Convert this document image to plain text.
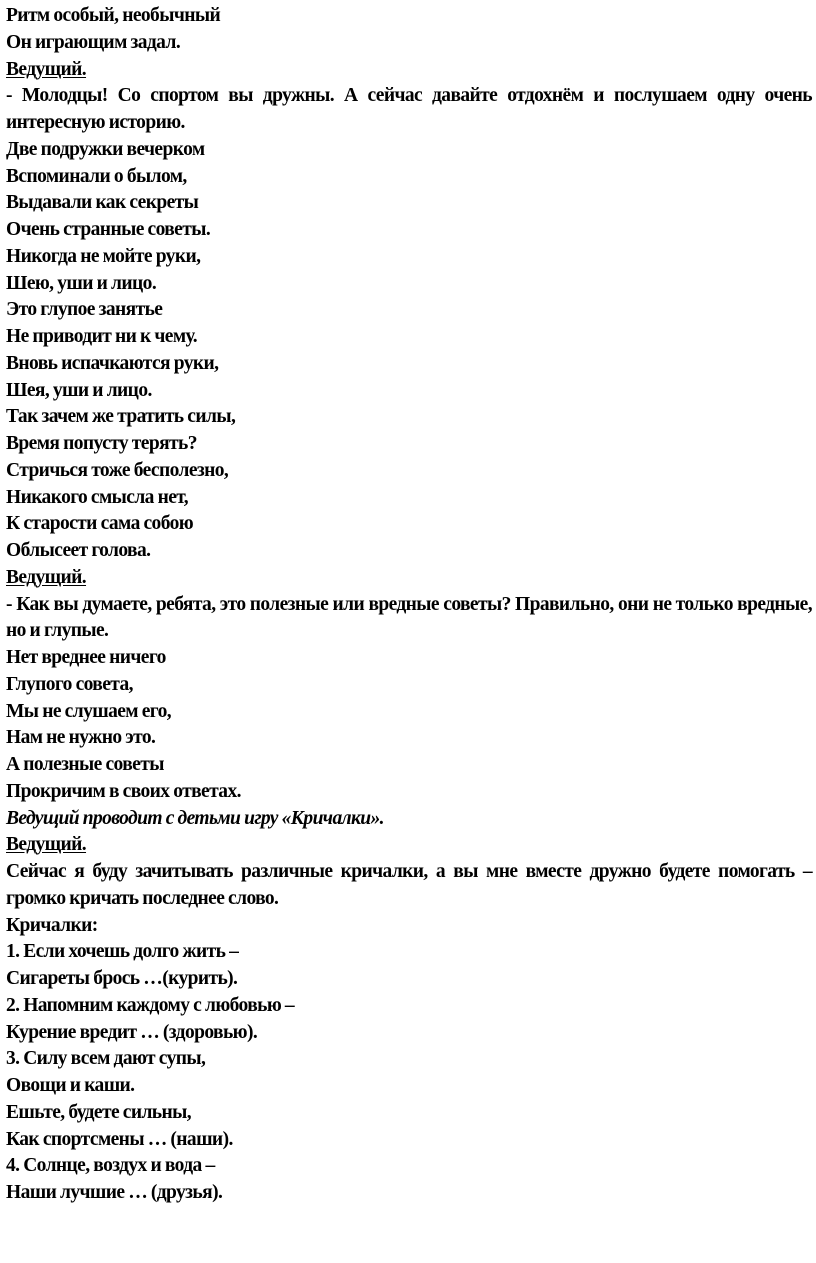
Ритм особый, необычный
Он играющим задал.
Ведущий.
- Молодцы! Со спортом вы дружны. А сейчас давайте отдохнём и послушаем одну очень интересную историю.
Две подружки вечерком
Вспоминали о былом,
Выдавали как секреты
Очень странные советы.
Никогда не мойте руки,
Шею, уши и лицо.
Это глупое занятье
Не приводит ни к чему.
Вновь испачкаются руки,
Шея, уши и лицо.
Так зачем же тратить силы,
Время попусту терять?
Стричься тоже бесполезно,
Никакого смысла нет,
К старости сама собою
Облысеет голова.
Ведущий.
- Как вы думаете, ребята, это полезные или вредные советы? Правильно, они не только вредные, но и глупые.
Нет вреднее ничего
Глупого совета,
Мы не слушаем его,
Нам не нужно это.
А полезные советы
Прокричим в своих ответах.
Ведущий проводит с детьми игру «Кричалки».
Ведущий.
Сейчас я буду зачитывать различные кричалки, а вы мне вместе дружно будете помогать – громко кричать последнее слово.
Кричалки:
1. Если хочешь долго жить –
Сигареты брось …(курить).
2. Напомним каждому с любовью –
Курение вредит … (здоровью).
3. Силу всем дают супы,
Овощи и каши.
Ешьте, будете сильны,
Как спортсмены … (наши).
4. Солнце, воздух и вода –
Наши лучшие … (друзья).
